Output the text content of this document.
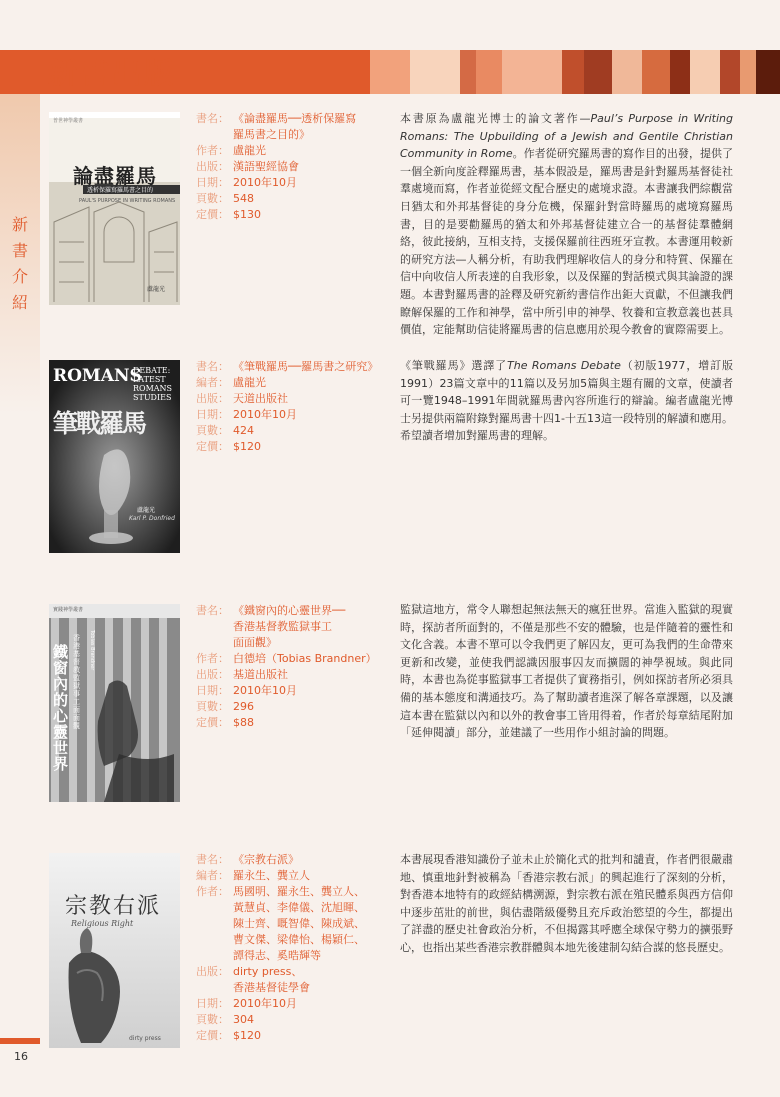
新書出版
新
書
介
紹
普世神學叢書
論盡羅馬
透析保羅寫羅馬書之目的
PAUL'S PURPOSE IN WRITING ROMANS
盧龍光
書名： 《論盡羅馬──透析保羅寫
羅馬書之目的》
作者： 盧龍光
出版： 漢語聖經協會
日期： 2010年10月
頁數： 548
定價： $130
本書原為盧龍光博士的論文著作—Paul’s Purpose in Writing Romans: The Upbuilding of a Jewish and Gentile Christian Community in Rome。作者從研究羅馬書的寫作目的出發，提供了一個全新向度詮釋羅馬書，基本假設是，羅馬書是針對羅馬基督徒社羣處境而寫，作者並從經文配合歷史的處境求證。本書讓我們綜觀當日猶太和外邦基督徒的身分危機，保羅針對當時羅馬的處境寫羅馬書，目的是要勸羅馬的猶太和外邦基督徒建立合一的基督徒羣體網絡，彼此接納，互相支持，支援保羅前往西班牙宣教。本書運用較新的研究方法—人稱分析，有助我們理解收信人的身分和特質、保羅在信中向收信人所表達的自我形象，以及保羅的對話模式與其論證的課題。本書對羅馬書的詮釋及研究新約書信作出鉅大貢獻，不但讓我們瞭解保羅的工作和神學，當中所引申的神學、牧養和宣教意義也甚具價值，定能幫助信徒將羅馬書的信息應用於現今教會的實際需要上。
ROMANS
DEBATE: LATEST ROMANS STUDIES
筆戰羅馬
盧龍光
Karl P. Donfried
書名： 《筆戰羅馬──羅馬書之研究》
編者： 盧龍光
出版： 天道出版社
日期： 2010年10月
頁數： 424
定價： $120
《筆戰羅馬》選譯了The Romans Debate（初版1977，增訂版1991）23篇文章中的11篇以及另加5篇與主題有關的文章，使讀者可一覽1948–1991年間就羅馬書內容所進行的辯論。編者盧龍光博士另提供兩篇附錄對羅馬書十四1-十五13這一段特別的解讀和應用。希望讀者增加對羅馬書的理解。
實踐神學叢書
鐵窗內的心靈世界
香港基督教監獄事工面面觀
Tobias Brandner
書名： 《鐵窗內的心靈世界──
香港基督教監獄事工
面面觀》
作者： 白德培（Tobias Brandner）
出版： 基道出版社
日期： 2010年10月
頁數： 296
定價： $88
監獄這地方，常令人聯想起無法無天的瘋狂世界。當進入監獄的現實時，探訪者所面對的，不僅是那些不安的體驗，也是伴隨着的靈性和文化含義。本書不單可以令我們更了解囚友，更可為我們的生命帶來更新和改變，並使我們認識因服事囚友而擴闊的神學視域。與此同時，本書也為從事監獄事工者提供了實務指引，例如探訪者所必須具備的基本態度和溝通技巧。為了幫助讀者進深了解各章課題，以及讓這本書在監獄以內和以外的教會事工皆用得着，作者於每章結尾附加「延伸閱讀」部分，並建議了一些用作小組討論的問題。
宗教右派
Religious Right
dirty press
書名： 《宗教右派》
編者： 羅永生、龔立人
作者： 馬國明、羅永生、龔立人、
黃慧貞、李偉儀、沈旭暉、
陳士齊、嘅智偉、陳成斌、
曹文傑、梁偉怡、楊穎仁、
譚得志、奚晧輝等
出版： dirty press、
香港基督徒學會
日期： 2010年10月
頁數： 304
定價： $120
本書展現香港知識份子並未止於簡化式的批判和譴責，作者們很嚴肅地、慎重地針對被稱為「香港宗教右派」的興起進行了深刻的分析，對香港本地特有的政經結構溯源，對宗教右派在殖民體系與西方信仰中逐步茁壯的前世，與估盡階級優勢且充斥政治慾望的今生，都提出了詳盡的歷史社會政治分析，不但揭露其呼應全球保守勢力的擴張野心，也指出某些香港宗教群體與本地先後建制勾結合謀的悠長歷史。
16
